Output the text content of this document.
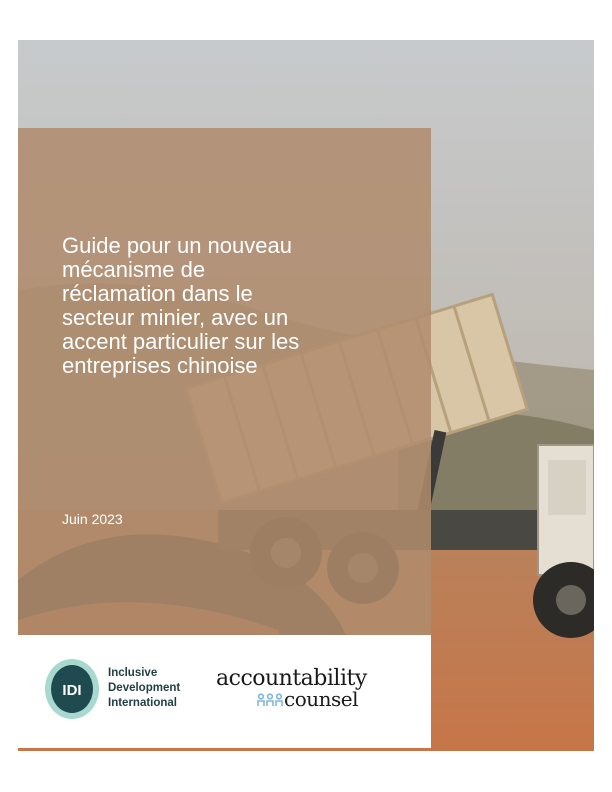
Guide pour un nouveau mécanisme de réclamation dans le secteur minier, avec un accent particulier sur les entreprises chinoise

Juin 2023

IDI

Inclusive
Development
International

accountability
counsel
